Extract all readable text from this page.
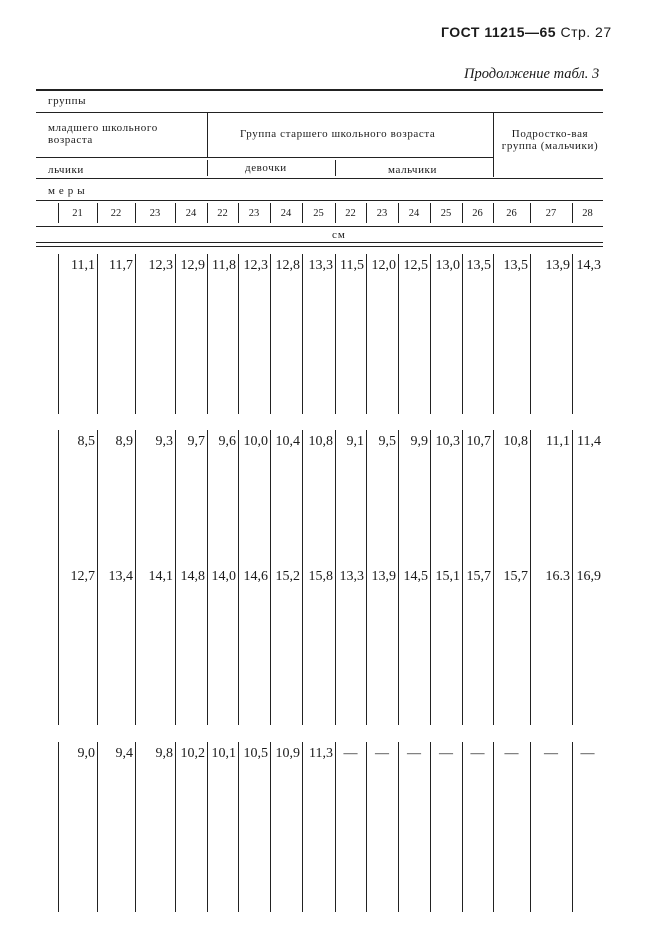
ГОСТ 11215—65 Стр. 27
Продолжение табл. 3
группы
младшего школьного возраста	Группа старшего школьного возраста	Подростко-вая группа (мальчики)
льчики	девочки	мальчики
м е р ы
см
21	22	23	24	22	23	24	25	22	23	24	25	26	26	27	28
11,1	11,7	12,3 12,9 11,8 12,3 12,8 13,3 11,5 12,0 12,5 13,0 13,5 13,5	13,9 14,3
8,5	8,9	9,3	9,7 9,6 10,0 10,4 10,8 9,1	9,5	9,9 10,3 10,7 10,8	11,1 11,4
12,7 13,4	14,1 14,8 14,0 14,6 15,2 15,8 13,3 13,9 14,5 15,1 15,7 15,7	16.3 16,9
9,0	9,4	9,8 10,2 10,1 10,5 10,9 11,3 —	—	—	—	—	—	—	—
